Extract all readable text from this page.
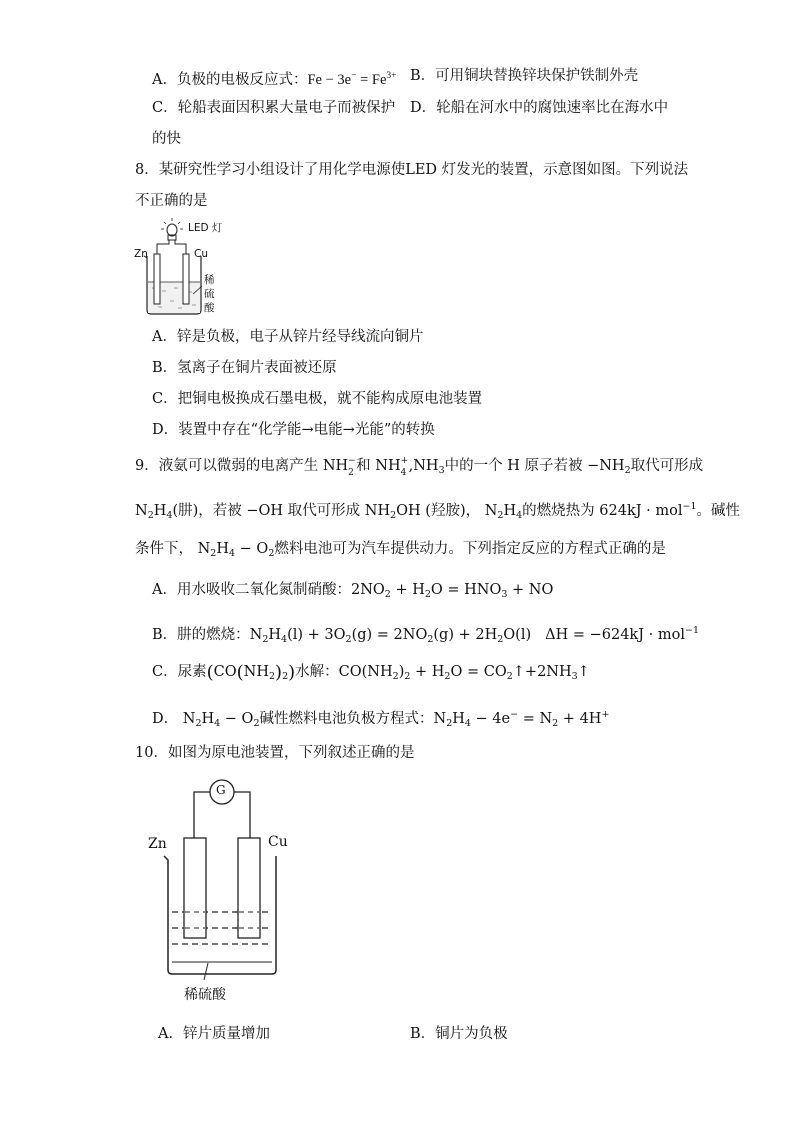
A．负极的电极反应式：$Fe - 3e^- = Fe^{3+}$ B．可用铜块替换锌块保护铁制外壳
C．轮船表面因积累大量电子而被保护 D．轮船在河水中的腐蚀速率比在海水中
的快
8．某研究性学习小组设计了用化学电源使LED 灯发光的装置，示意图如图。下列说法
不正确的是
LED 灯
Zn	Cu
稀
硫
酸
A．锌是负极，电子从锌片经导线流向铜片
B．氢离子在铜片表面被还原
C．把铜电极换成石墨电极，就不能构成原电池装置
D．装置中存在“化学能→电能→光能”的转换
9．液氨可以微弱的电离产生 NH −
2 和 NH +
4 $,NH_3$中的一个 H 原子若被 $-NH_2$取代可形成
$N_2H_4$(肼)，若被 −OH 取代可形成 $NH_2OH$ (羟胺)， $N_2H_4$的燃烧热为 624kJ · mol$^{-1}$。碱性
条件下， $N_2H_4 - O_2$燃料电池可为汽车提供动力。下列指定反应的方程式正确的是
A．用水吸收二氧化氮制硝酸：$2NO_2 + H_2O = HNO_3$ + NO
B．肼的燃烧：$N_2H_4(l) + 3O_2(g) = 2NO_2(g) + 2H_2O(l) \Delta H = -624kJ \cdot mol^{-1}$
C．尿素$(CO(NH_2)_2)$水解：$CO(NH_2)_2 + H_2O$ = $CO_2↑+2NH_3↑$
D． $N_2H_4 - O_2$碱性燃料电池负极方程式：$N_2H_4 - 4e^- = N_2 + 4H^+$
10．如图为原电池装置，下列叙述正确的是
G
Zn	Cu
稀硫酸
A．锌片质量增加	B．铜片为负极
